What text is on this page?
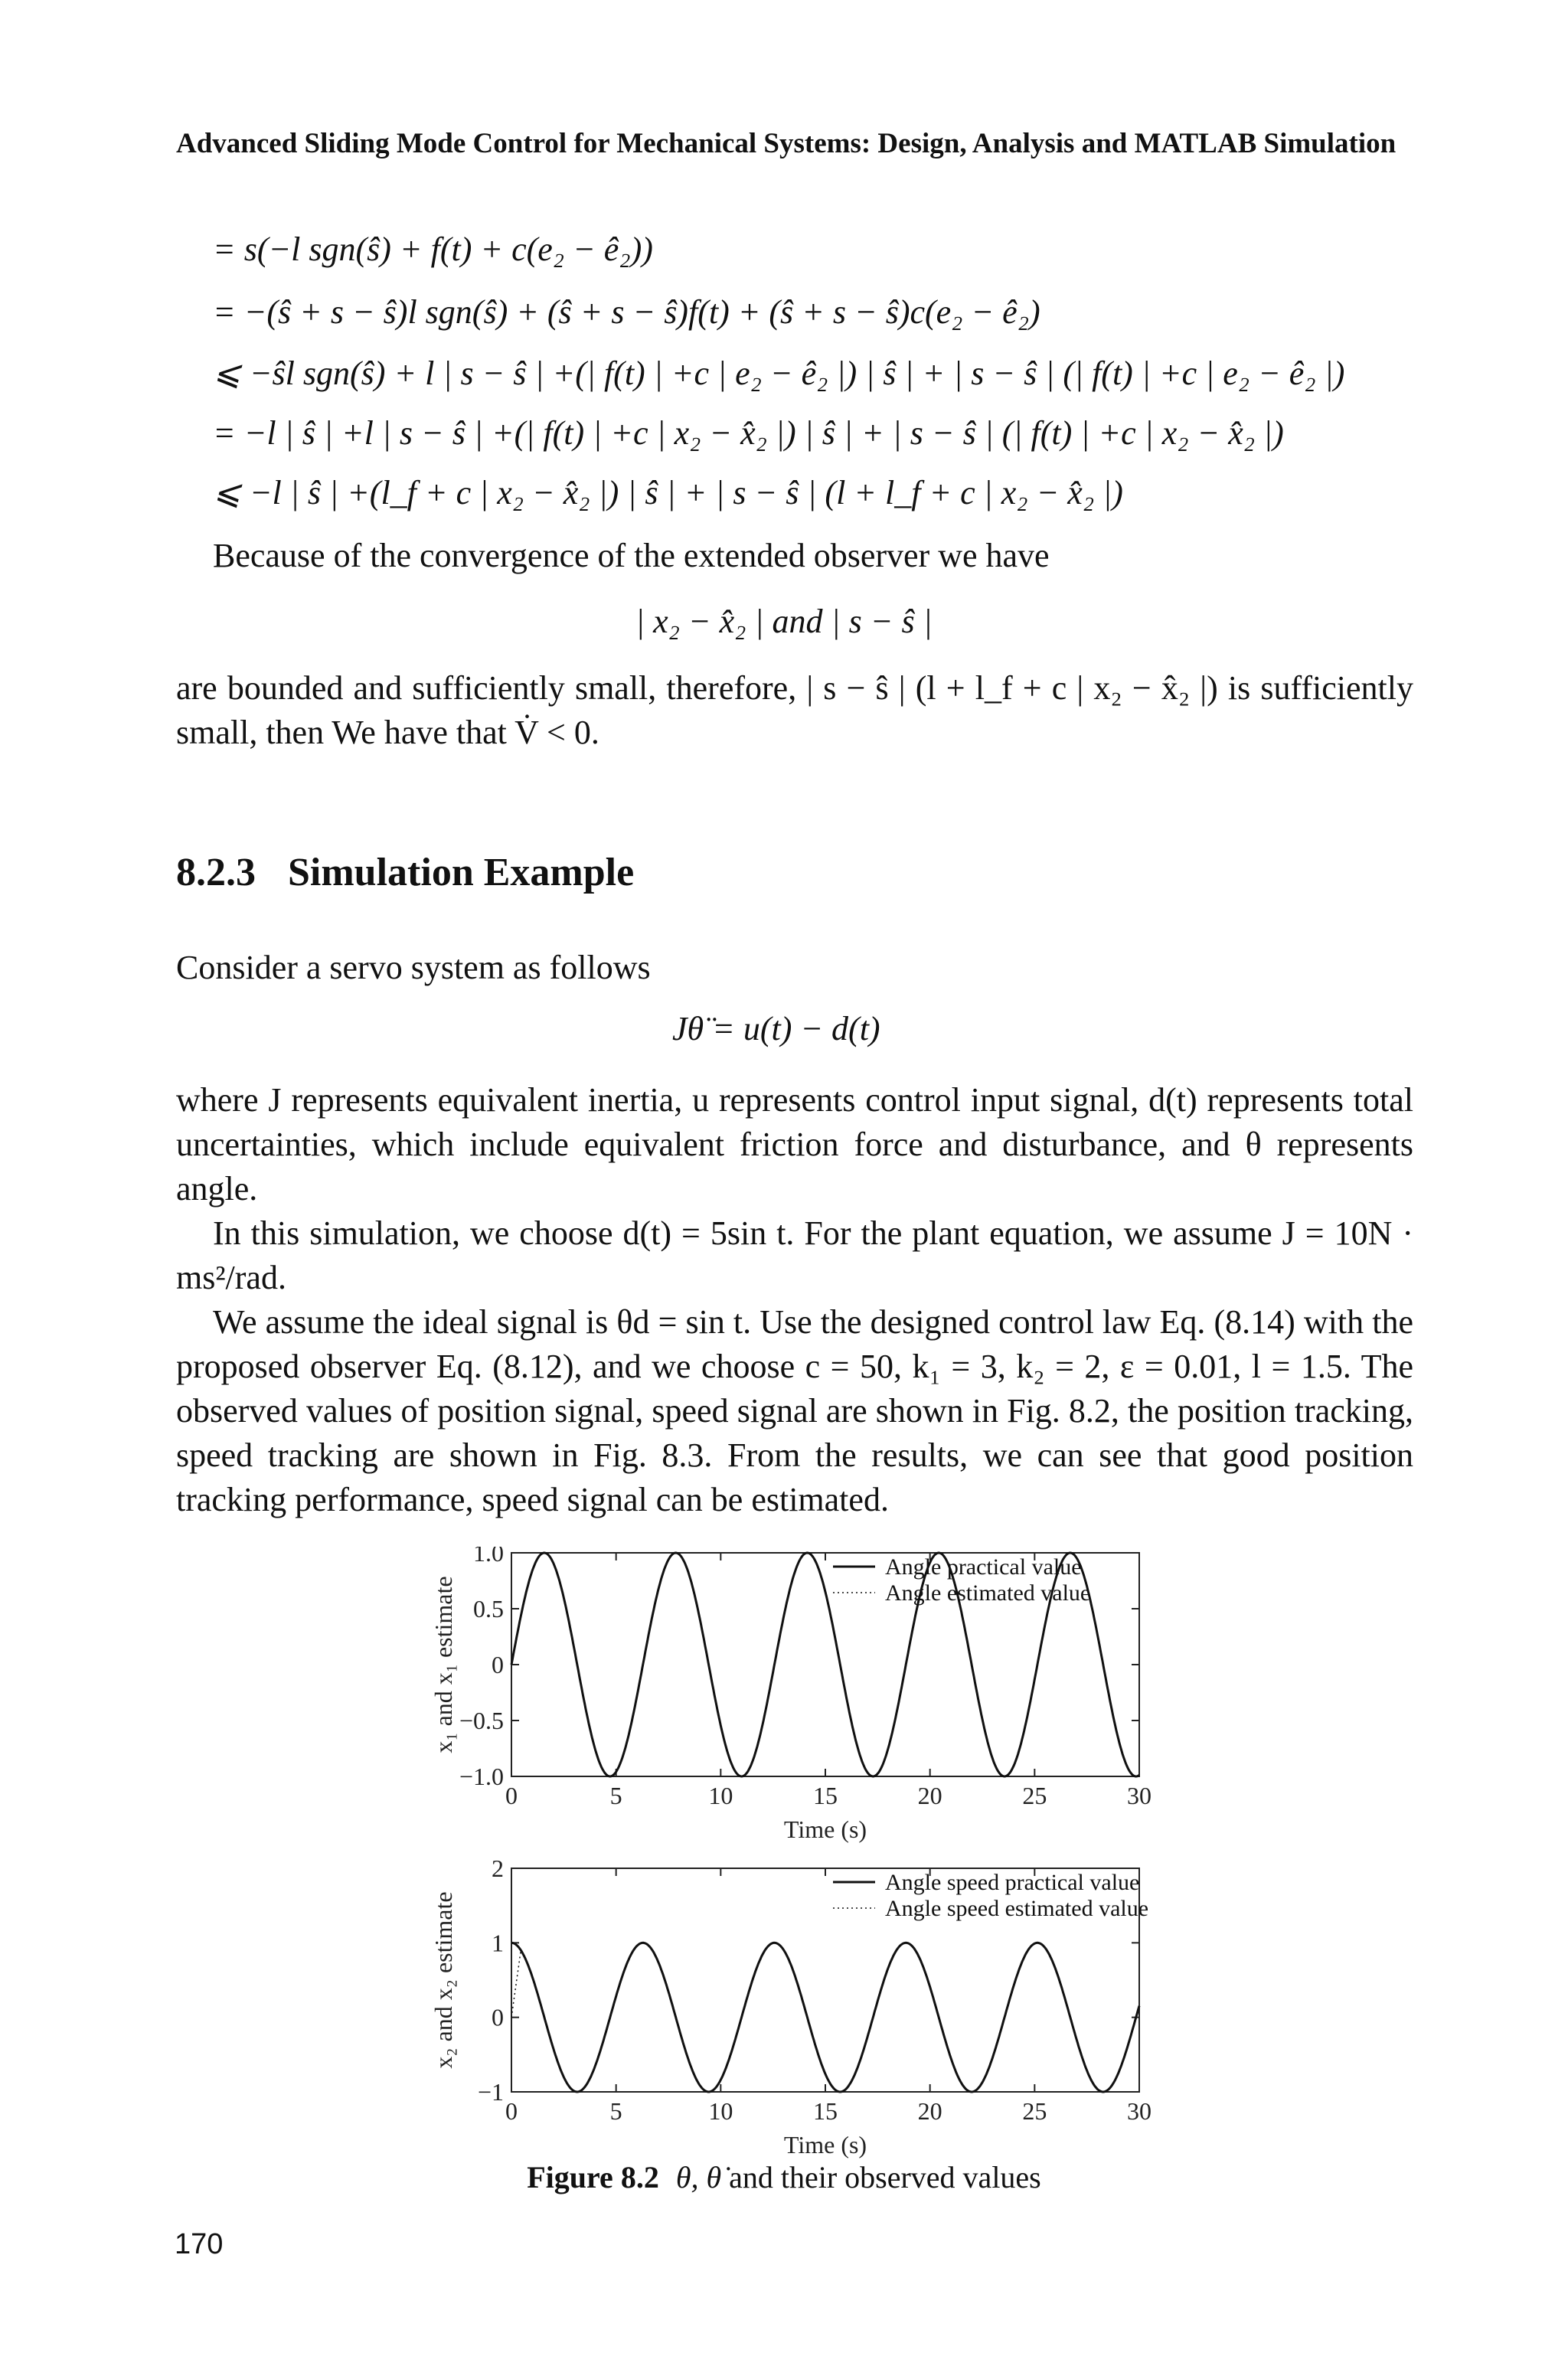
Advanced Sliding Mode Control for Mechanical Systems: Design, Analysis and MATLAB Simulation
= s(−l sgn(ŝ) + f(t) + c(e₂ − ê₂))
= −(ŝ + s − ŝ)l sgn(ŝ) + (ŝ + s − ŝ)f(t) + (ŝ + s − ŝ)c(e₂ − ê₂)
⩽ −ŝl sgn(ŝ) + l | s − ŝ | +(| f(t) | +c | e₂ − ê₂ |) | ŝ | + | s − ŝ | (| f(t) | +c | e₂ − ê₂ |)
= −l | ŝ | +l | s − ŝ | +(| f(t) | +c | x₂ − x̂₂ |) | ŝ | + | s − ŝ | (| f(t) | +c | x₂ − x̂₂ |)
⩽ −l | ŝ | +(l_f + c | x₂ − x̂₂ |) | ŝ | + | s − ŝ | (l + l_f + c | x₂ − x̂₂ |)
Because of the convergence of the extended observer we have
| x₂ − x̂₂ | and | s − ŝ |

are bounded and sufficiently small, therefore, | s − ŝ | (l + l_f + c | x₂ − x̂₂ |) is sufficiently small, then We have that V̇ < 0.

8.2.3 Simulation Example
Consider a servo system as follows
Jθ̈ = u(t) − d(t)

where J represents equivalent inertia, u represents control input signal, d(t) represents total uncertainties, which include equivalent friction force and disturbance, and θ represents angle.

In this simulation, we choose d(t) = 5sin t. For the plant equation, we assume J = 10N · ms²/rad.

We assume the ideal signal is θd = sin t. Use the designed control law Eq. (8.14) with the proposed observer Eq. (8.12), and we choose c = 50, k₁ = 3, k₂ = 2, ε = 0.01, l = 1.5. The observed values of position signal, speed signal are shown in Fig. 8.2, the position tracking, speed tracking are shown in Fig. 8.3. From the results, we can see that good position tracking performance, speed signal can be estimated.

0	5	10	15	20	25	30
1.0
0.5
0
−0.5
−1.0
Angle practical value
Angle estimated value
Time (s)
x₁ and x₁ estimate
0	5	10	15	20	25	30
2
1
0
−1
Angle speed practical value
Angle speed estimated value
Time (s)
x₂ and x₂ estimate
Figure 8.2 θ, θ̇ and their observed values
170
